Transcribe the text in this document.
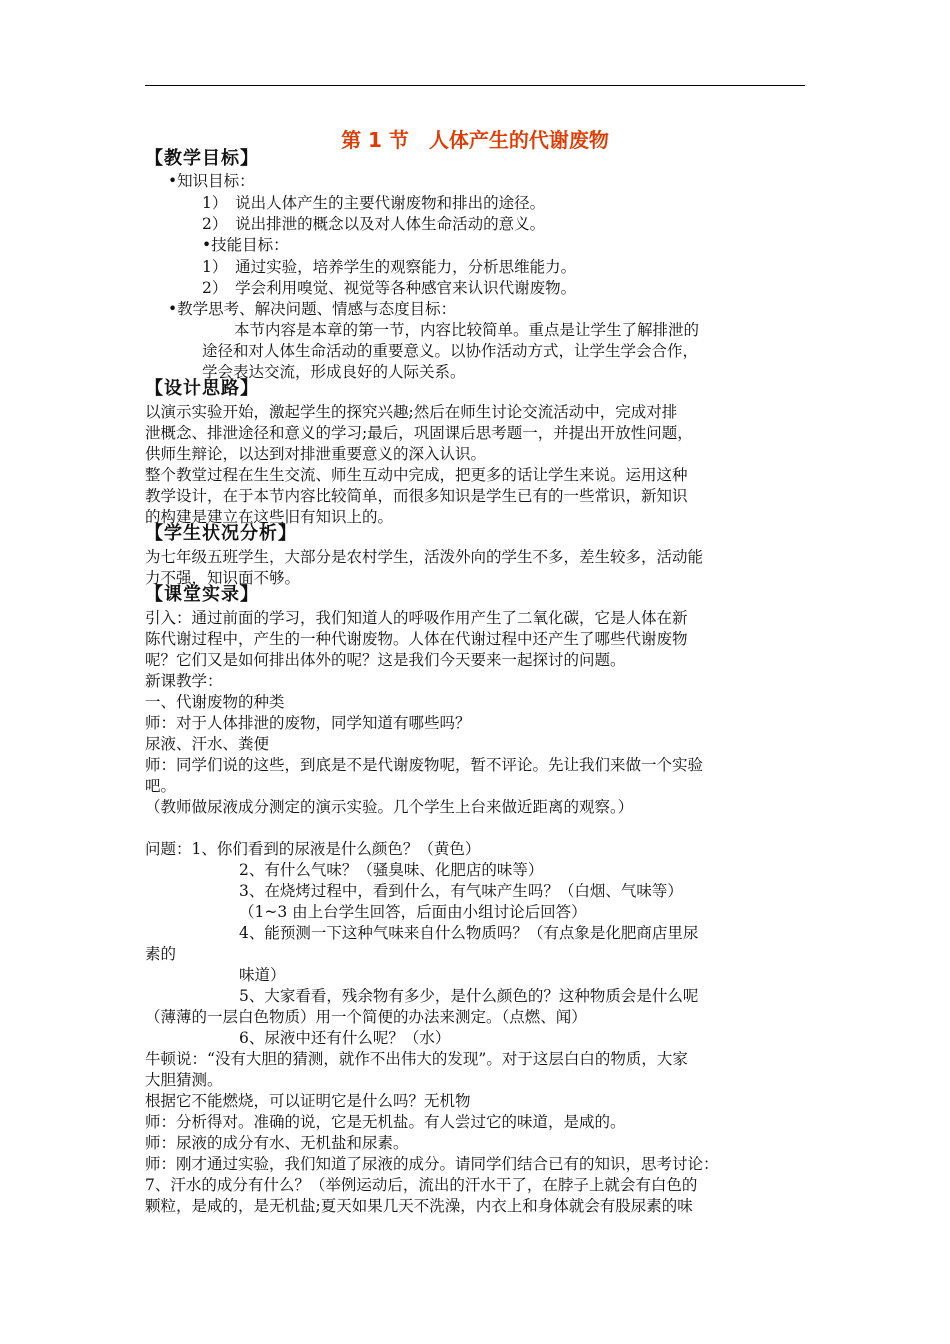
第 1 节　人体产生的代谢废物
【教学目标】
•知识目标：
1）　说出人体产生的主要代谢废物和排出的途径。
2）　说出排泄的概念以及对人体生命活动的意义。
•技能目标：
1）　通过实验，培养学生的观察能力，分析思维能力。
2）　学会利用嗅觉、视觉等各种感官来认识代谢废物。
•教学思考、解决问题、情感与态度目标：
本节内容是本章的第一节，内容比较简单。重点是让学生了解排泄的
途径和对人体生命活动的重要意义。以协作活动方式，让学生学会合作，
学会表达交流，形成良好的人际关系。
【设计思路】
以演示实验开始，激起学生的探究兴趣;然后在师生讨论交流活动中，完成对排
泄概念、排泄途径和意义的学习;最后，巩固课后思考题一，并提出开放性问题，
供师生辩论，以达到对排泄重要意义的深入认识。
整个教堂过程在生生交流、师生互动中完成，把更多的话让学生来说。运用这种
教学设计，在于本节内容比较简单，而很多知识是学生已有的一些常识，新知识
的构建是建立在这些旧有知识上的。
【学生状况分析】
为七年级五班学生，大部分是农村学生，活泼外向的学生不多，差生较多，活动能
力不强，知识面不够。
【课堂实录】
引入：通过前面的学习，我们知道人的呼吸作用产生了二氧化碳，它是人体在新
陈代谢过程中，产生的一种代谢废物。人体在代谢过程中还产生了哪些代谢废物
呢？它们又是如何排出体外的呢？这是我们今天要来一起探讨的问题。
新课教学：
一、代谢废物的种类
师：对于人体排泄的废物，同学知道有哪些吗？
尿液、汗水、粪便
师：同学们说的这些，到底是不是代谢废物呢，暂不评论。先让我们来做一个实验
吧。
（教师做尿液成分测定的演示实验。几个学生上台来做近距离的观察。）
问题：1、你们看到的尿液是什么颜色？（黄色）
2、有什么气味？（骚臭味、化肥店的味等）
3、在烧烤过程中，看到什么，有气味产生吗？（白烟、气味等）
（1~3 由上台学生回答，后面由小组讨论后回答）
4、能预测一下这种气味来自什么物质吗？（有点象是化肥商店里尿
素的
味道）
5、大家看看，残余物有多少，是什么颜色的？这种物质会是什么呢
（薄薄的一层白色物质）用一个简便的办法来测定。（点燃、闻）
6、尿液中还有什么呢？（水）
牛顿说：“没有大胆的猜测，就作不出伟大的发现”。对于这层白白的物质，大家
大胆猜测。
根据它不能燃烧，可以证明它是什么吗？无机物
师：分析得对。准确的说，它是无机盐。有人尝过它的味道，是咸的。
师：尿液的成分有水、无机盐和尿素。
师：刚才通过实验，我们知道了尿液的成分。请同学们结合已有的知识，思考讨论：
7、汗水的成分有什么？（举例运动后，流出的汗水干了，在脖子上就会有白色的
颗粒，是咸的，是无机盐;夏天如果几天不洗澡，内衣上和身体就会有股尿素的味
